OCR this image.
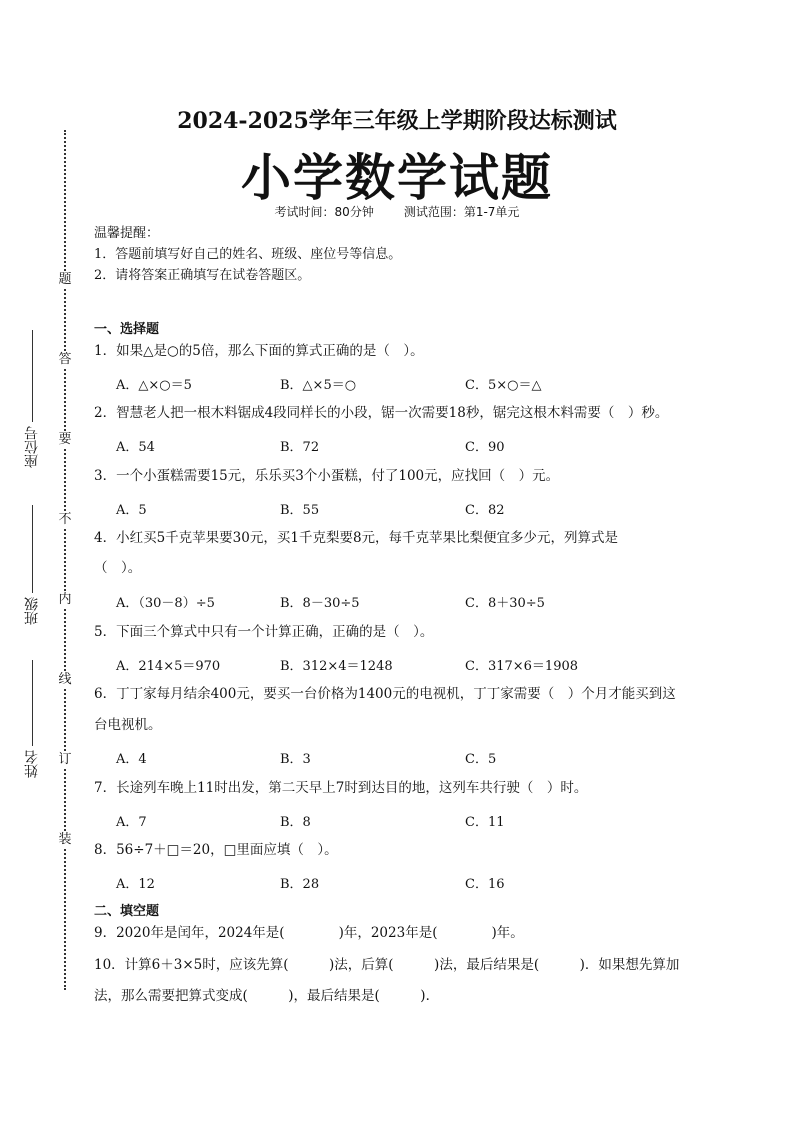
题
答
要
不
内
线
订
装
座位号
班级
姓名
2024-2025学年三年级上学期阶段达标测试
小学数学试题
考试时间：80分钟	测试范围：第1-7单元
温馨提醒：
1．答题前填写好自己的姓名、班级、座位号等信息。
2．请将答案正确填写在试卷答题区。
一、选择题
1．如果△是○的5倍，那么下面的算式正确的是（　）。
A．△×○＝5	B．△×5＝○	C．5×○＝△
2．智慧老人把一根木料锯成4段同样长的小段，锯一次需要18秒，锯完这根木料需要（　）秒。
A．54	B．72	C．90
3．一个小蛋糕需要15元，乐乐买3个小蛋糕，付了100元，应找回（　）元。
A．5	B．55	C．82
4．小红买5千克苹果要30元，买1千克梨要8元，每千克苹果比梨便宜多少元，列算式是
（　）。
A．（30－8）÷5	B．8－30÷5	C．8＋30÷5
5．下面三个算式中只有一个计算正确，正确的是（　）。
A．214×5＝970	B．312×4＝1248	C．317×6＝1908
6．丁丁家每月结余400元，要买一台价格为1400元的电视机，丁丁家需要（　）个月才能买到这
台电视机。
A．4	B．3	C．5
7．长途列车晚上11时出发，第二天早上7时到达目的地，这列车共行驶（　）时。
A．7	B．8	C．11
8．56÷7＋□＝20，□里面应填（　）。
A．12	B．28	C．16
二、填空题
9．2020年是闰年，2024年是(　　　　)年，2023年是(　　　　)年。
10．计算6＋3×5时，应该先算(　　　)法，后算(　　　)法，最后结果是(　　　)．如果想先算加
法，那么需要把算式变成(　　　)，最后结果是(　　　)．
